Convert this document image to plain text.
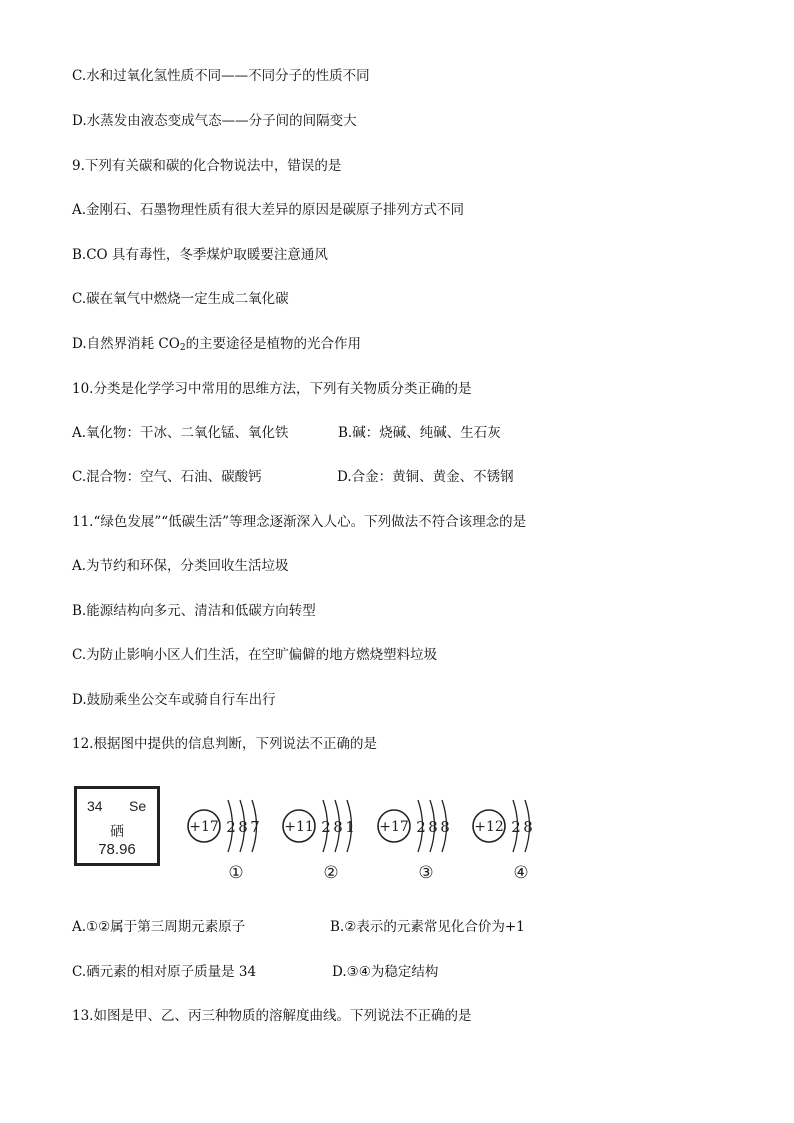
C.水和过氧化氢性质不同——不同分子的性质不同
D.水蒸发由液态变成气态——分子间的间隔变大
9.下列有关碳和碳的化合物说法中，错误的是
A.金刚石、石墨物理性质有很大差异的原因是碳原子排列方式不同
B.CO 具有毒性，冬季煤炉取暖要注意通风
C.碳在氧气中燃烧一定生成二氧化碳
D.自然界消耗 $CO_2$的主要途径是植物的光合作用
10.分类是化学学习中常用的思维方法，下列有关物质分类正确的是
A.氧化物：干冰、二氧化锰、氧化铁	B.碱：烧碱、纯碱、生石灰
C.混合物：空气、石油、碳酸钙	D.合金：黄铜、黄金、不锈钢
11.“绿色发展”“低碳生活”等理念逐渐深入人心。下列做法不符合该理念的是
A.为节约和环保，分类回收生活垃圾
B.能源结构向多元、清洁和低碳方向转型
C.为防止影响小区人们生活，在空旷偏僻的地方燃烧塑料垃圾
D.鼓励乘坐公交车或骑自行车出行
12.根据图中提供的信息判断，下列说法不正确的是
34 Se
硒
78.96
+17 2 8 7
①
+11 2 8 1
②
+17 2 8 8
③
+12 2 8
④
A.①②属于第三周期元素原子	B.②表示的元素常见化合价为+1
C.硒元素的相对原子质量是 34	D.③④为稳定结构
13.如图是甲、乙、丙三种物质的溶解度曲线。下列说法不正确的是
